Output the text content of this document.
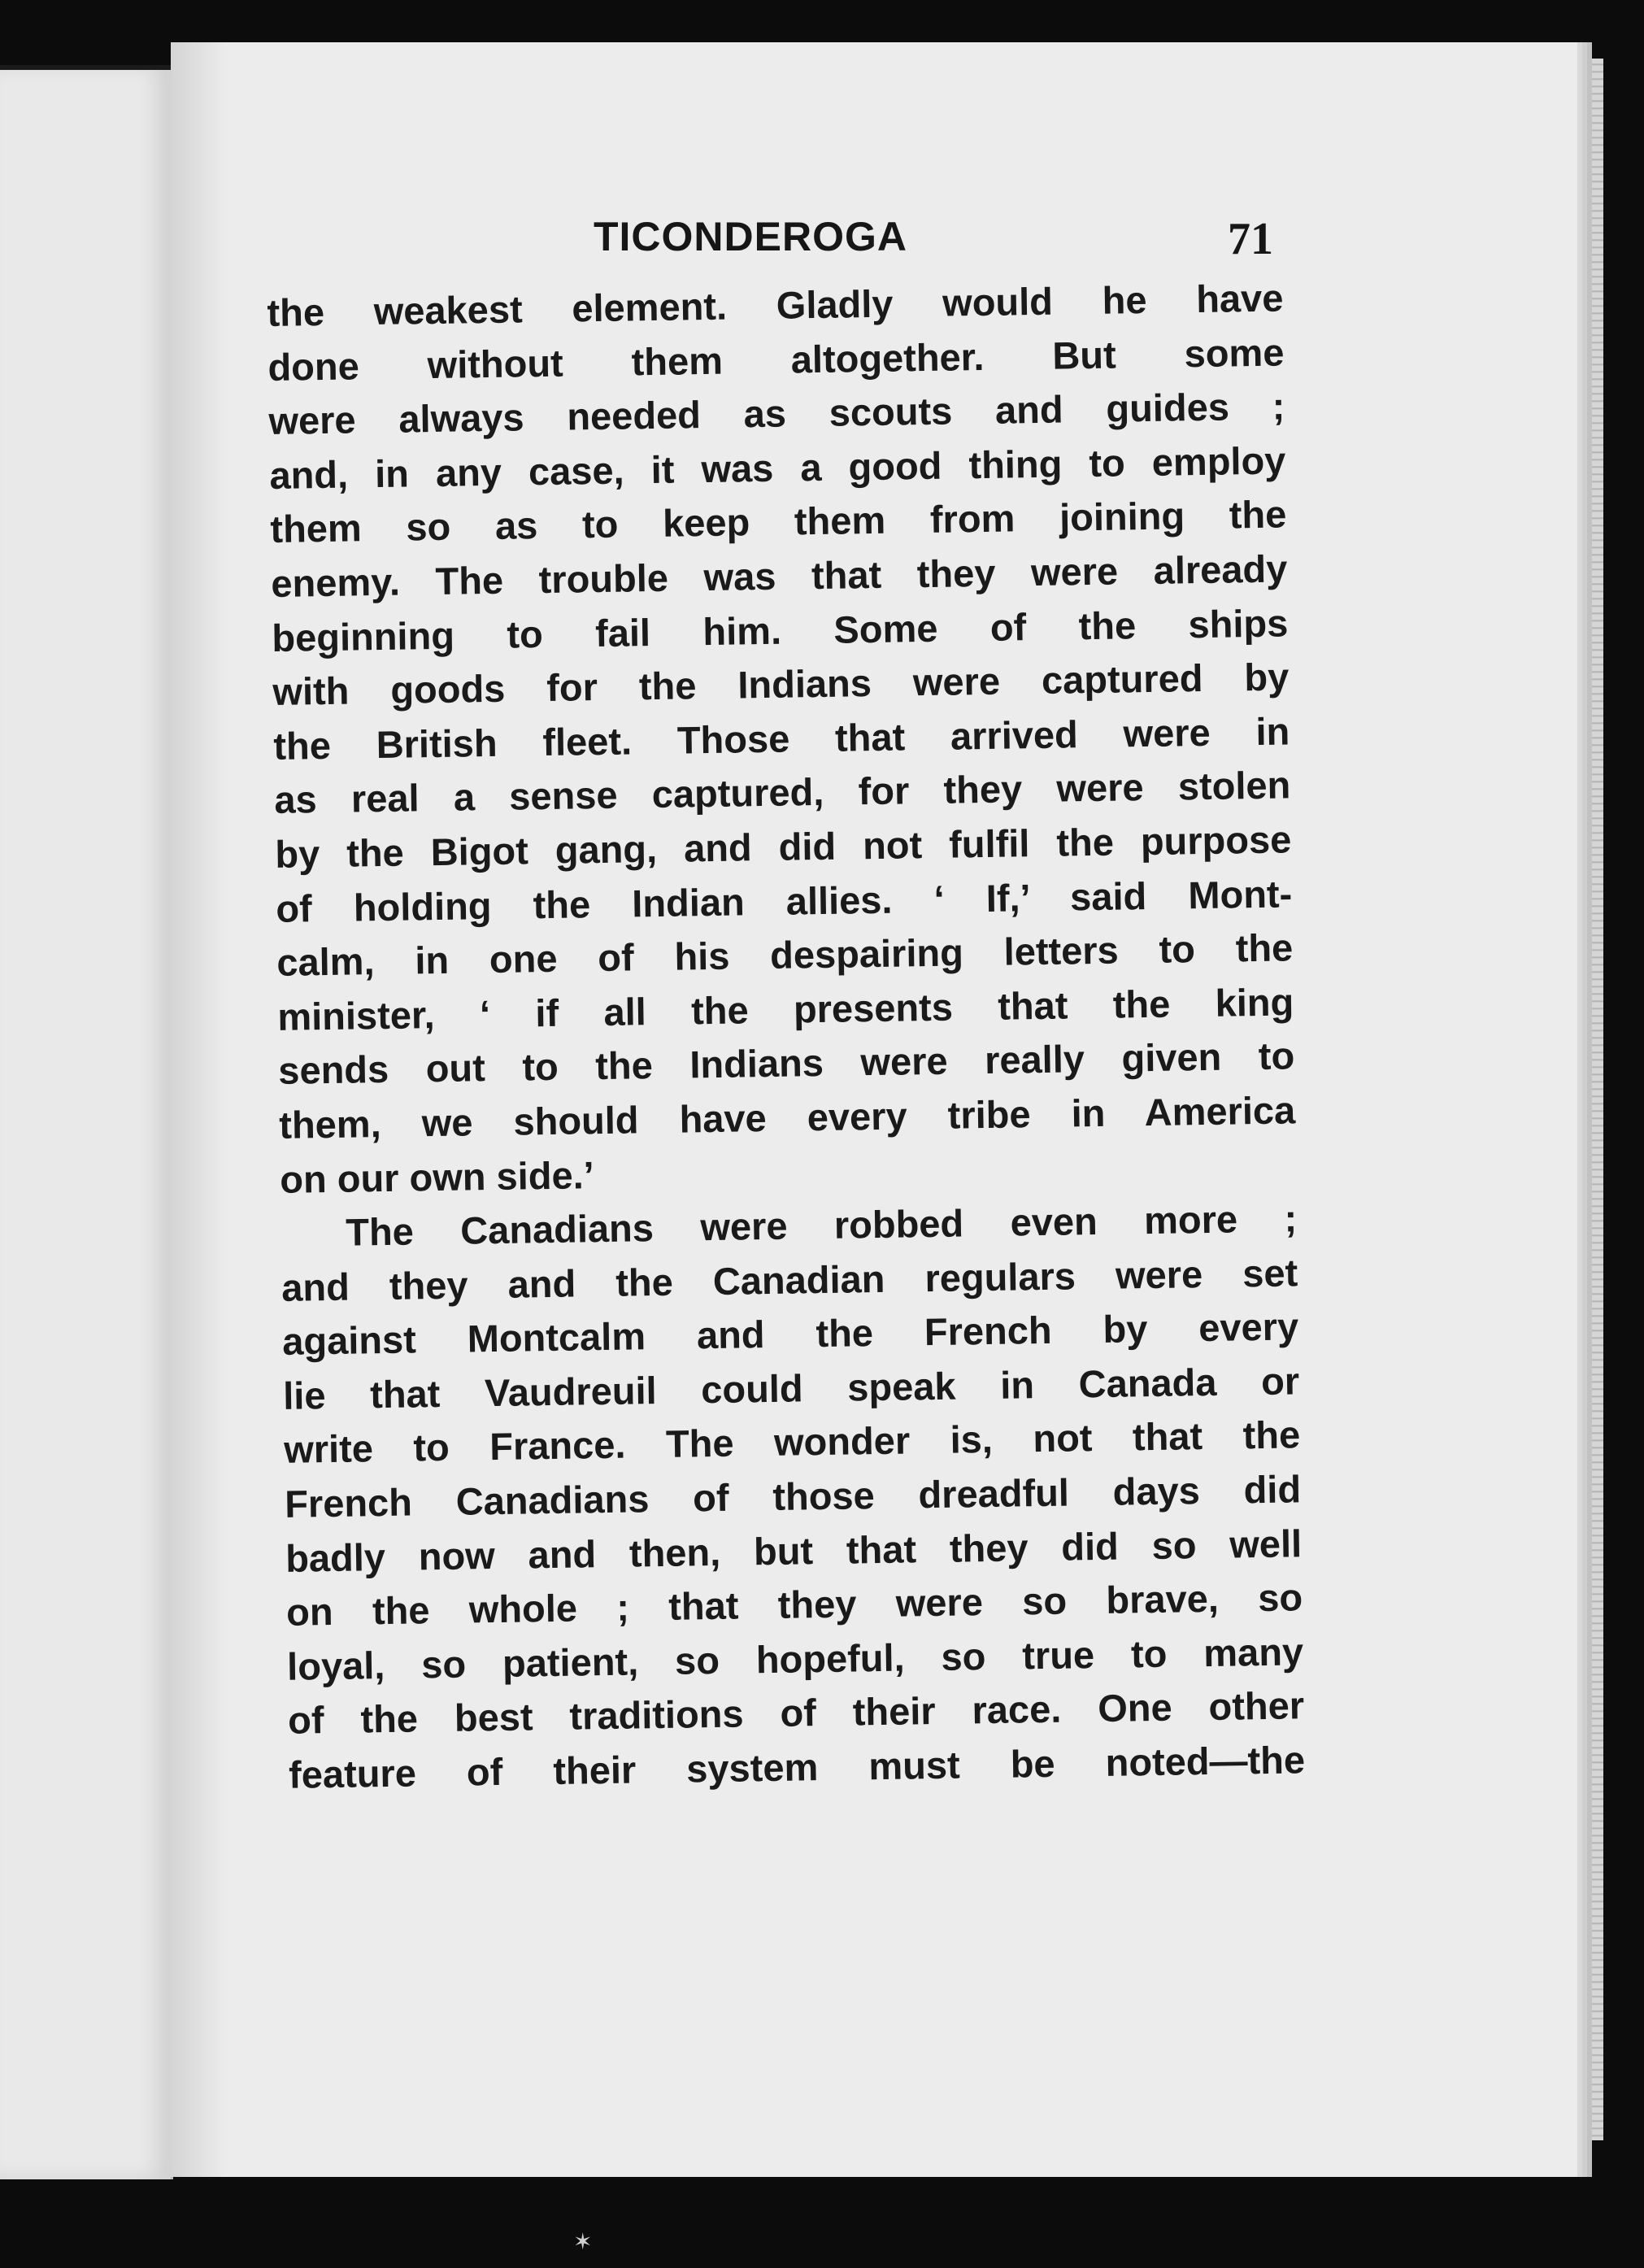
TICONDEROGA	71
the weakest element. Gladly would he have
done without them altogether. But some
were always needed as scouts and guides ;
and, in any case, it was a good thing to employ
them so as to keep them from joining the
enemy. The trouble was that they were already
beginning to fail him. Some of the ships
with goods for the Indians were captured by
the British fleet. Those that arrived were in
as real a sense captured, for they were stolen
by the Bigot gang, and did not fulfil the purpose
of holding the Indian allies. ‘ If,’ said Mont-
calm, in one of his despairing letters to the
minister, ‘ if all the presents that the king
sends out to the Indians were really given to
them, we should have every tribe in America
on our own side.’
The Canadians were robbed even more ;
and they and the Canadian regulars were set
against Montcalm and the French by every
lie that Vaudreuil could speak in Canada or
write to France. The wonder is, not that the
French Canadians of those dreadful days did
badly now and then, but that they did so well
on the whole ; that they were so brave, so
loyal, so patient, so hopeful, so true to many
of the best traditions of their race. One other
feature of their system must be noted—the
✶
